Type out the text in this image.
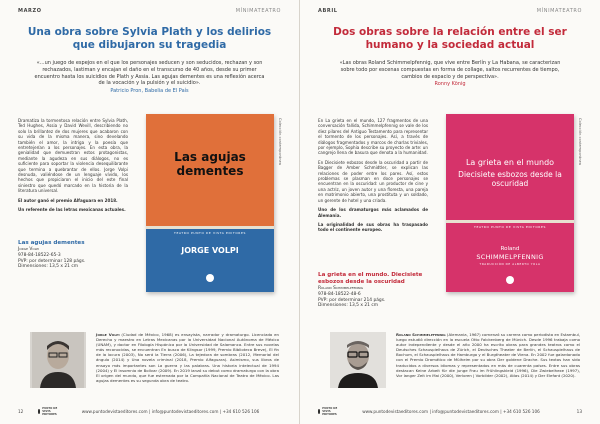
MARZO	MÍNIMATEATRO
Una obra sobre Sylvia Plath y los delirios que dibujaron su tragedia
«…un juego de espejos en el que los personajes seducen y son seducidos, rechazan y son rechazados, lastiman y encajan el daño en el transcurso de 40 años, desde su primer encuentro hasta los suicidios de Plath y Assia. Las agujas dementes es una reflexión acerca de la vocación y la pulsión y el suicidio».
Patricio Pron, Babelia de El País

Dramatiza la tormentosa relación entre Sylvia Plath, Ted Hughes, Assia y David Wevill, describiendo no solo la brillantez de dos mujeres que acabaron con su vida de la misma manera, sino develando también el amor, la intriga y la poesía que entretejerían a los personajes. En esta obra, la genialidad que demuestran estos protagonistas, mediante la agudeza en sus diálogos, no es suficiente para soportar la violencia desequilibrante que termina a quebrantar de ellos. Jorge Volpi desnuda, valiéndose de un lenguaje vívido, los hechos que propiciaron el inicio del este final siniestro que quedó marcado en la historia de la literatura universal.

El autor ganó el premio Alfaguara en 2018.

Un referente de las letras mexicanas actuales.

Las agujas dementes
Jorge Volpi
978-84-18522-65-3
PVP: por determinar 128 págs.
Dimensiones: 13,5 x 21 cm
Las agujas dementes
TEATRO PUNTO DE VISTA EDITORES
JORGE VOLPI
Colección contemporánea
Jorge Volpi (Ciudad de México, 1968) es ensayista, narrador y dramaturgo. Licenciado en Derecho y maestro en Letras Mexicanas por la Universidad Nacional Autónoma de México (UNAM), y doctor en Filología Hispánica por la Universidad de Salamanca. Entre sus novelas más reconocidas, se encuentran En busca de Klingsor (1999, Premio Biblioteca Breve), El fin de la locura (2003), No será la Tierra (2006), La tejedora de sombras (2012, Memorial del ángulo (2014) y Una novela criminal (2018, Premio Alfaguara). Asimismo, sus libros de ensayo más importantes son La guerra y las palabras. Una historia intelectual de 1994 (2004) y El insomnio de Bolívar (2009). En 2019 lanzó su debut como dramaturgo con la obra El origen del mundo, que fue estrenada por la Compañía Nacional de Teatro de México. Las agujas dementes es su segunda obra de teatro.
12
PUNTO DE VISTA EDITORES
www.puntodevistaeditores.com | info@puntodevistaeditores.com | +34 610 526 106
ABRIL	MÍNIMATEATRO
Dos obras sobre la relación entre el ser humano y la sociedad actual
«Las obras Roland Schimmelpfennig, que vive entre Berlín y La Habana, se caracterizan sobre todo por escenas compuestas en forma de collage, saltos recurrentes de tiempo, cambios de espacio y de perspectiva».
Ronny König

En La grieta en el mundo, 127 fragmentos de una conversación fallida, Schimmelpfennig se vale de los diez pilares del Antiguo Testamento para representar el tormento de los personajes. Así, a través de diálogos fragmentados y marcos de charlas triviales, por ejemplo, Sophia describe su proyecto de arte: un cangrejo llena de basura que denota a la humanidad.

En Diecisiete esbozos desde la oscuridad a partir de Bagger de Amber Schmidtler, se explican las relaciones de poder entre los pares. Así, estos problemas se plasman en doce personajes se encuentran en la oscuridad: un productor de cine y una actriz, un joven autor y una floresta, una pareja en matrimonio abierto, una prostituta y un soldado, un gerente de hotel y una criada.

Uno de los dramaturgos más aclamados de Alemania.

La originalidad de sus obras ha traspasado todo el continente europeo.

La grieta en el mundo. Diecisiete esbozos desde la oscuridad
Roland Schimmelpfennig
978-84-18522-48-6
PVP: por determinar 214 págs.
Dimensiones: 13,5 x 21 cm
La grieta en el mundo
Diecisiete esbozos desde la oscuridad
TEATRO PUNTO DE VISTA EDITORES
Roland
SCHIMMELPFENNIG
TRADUCCIÓN DE ALBERTO YOLA
Colección contemporánea
Roland Schimmelpfennig (Alemania, 1967) comenzó su carrera como periodista en Estambul, luego estudió dirección en la escuela Otto Falckenberg de Múnich. Desde 1996 trabaja como autor independiente y desde el año 2000 ha escrito obras para grandes teatros como el Deutsches Schauspielhaus de Zúrich, el Deutsches Theater de Berlín, el Schauspielhaus de Bochum, el Schauspielhaus de Hamburgo y el Burgtheater de Viena. En 2002 fue galardonado con el Premio Dramático de Mülheim por su obra Der goldene Drache. Sus textos han sido traducidos a diversos idiomas y representados en más de cuarenta países. Entre sus obras destacan Keine Arbeit für die junge Frau im Frühlingskleid (1996), Die Zwiebelhexe (1997), Vor langer Zeit im Mai (2000), Verloren | Vorbilder (2002), Atlas (2014) y Der Elefant (2020).
PUNTO DE VISTA EDITORES
www.puntodevistaeditores.com | info@puntodevistaeditores.com | +34 610 526 106	13
